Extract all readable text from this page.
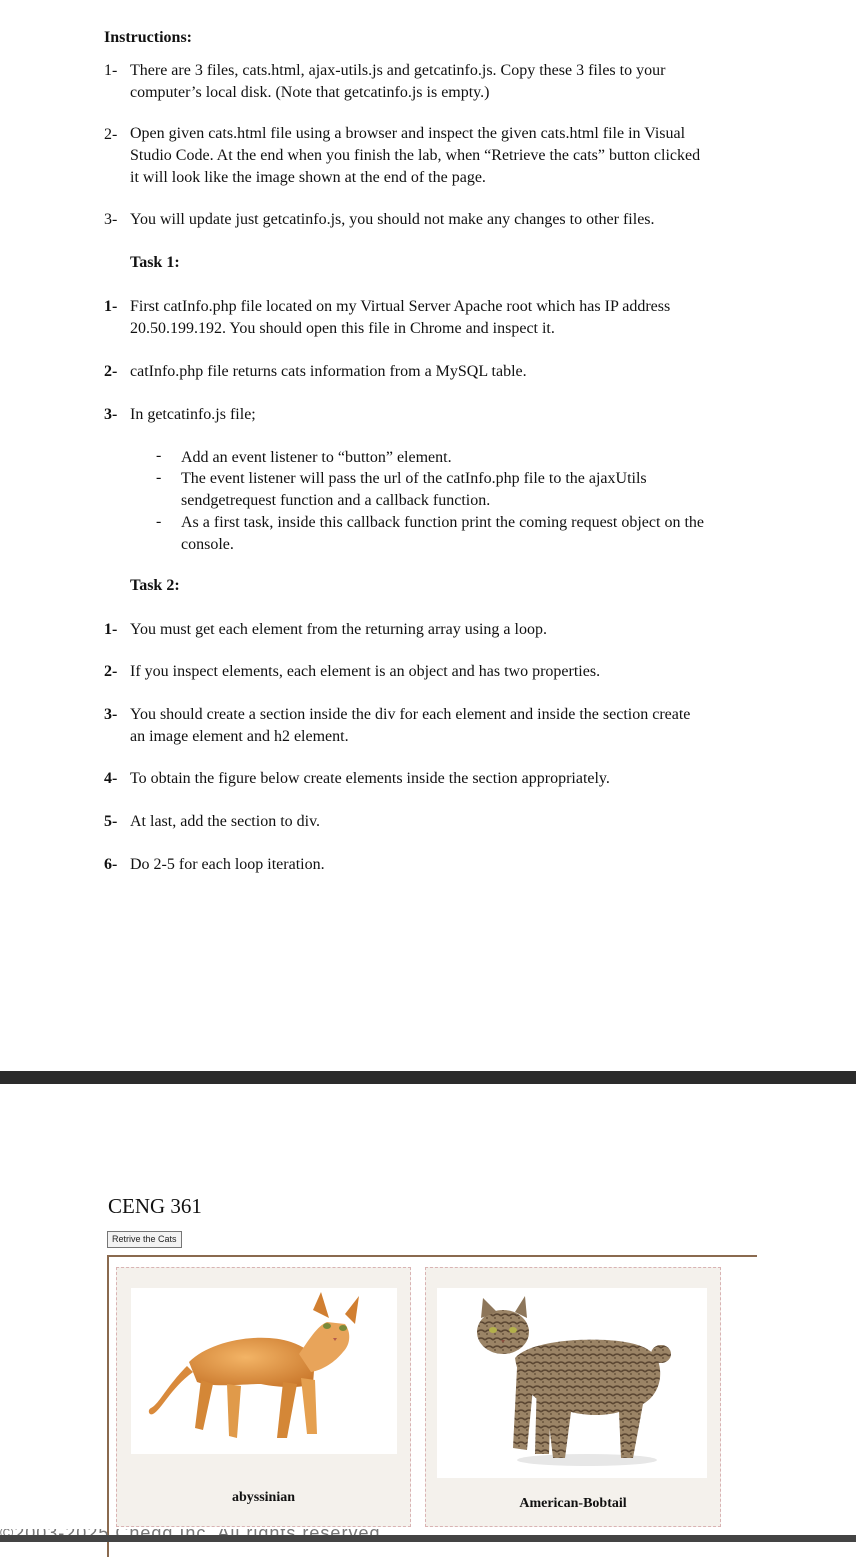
Instructions:
1- There are 3 files, cats.html, ajax-utils.js and getcatinfo.js. Copy these 3 files to your
computer’s local disk. (Note that getcatinfo.js is empty.)
2- Open given cats.html file using a browser and inspect the given cats.html file in Visual
Studio Code. At the end when you finish the lab, when “Retrieve the cats” button clicked
it will look like the image shown at the end of the page.
3- You will update just getcatinfo.js, you should not make any changes to other files.
Task 1:
1- First catInfo.php file located on my Virtual Server Apache root which has IP address
20.50.199.192. You should open this file in Chrome and inspect it.
2- catInfo.php file returns cats information from a MySQL table.
3- In getcatinfo.js file;
- Add an event listener to “button” element.
- The event listener will pass the url of the catInfo.php file to the ajaxUtils
sendgetrequest function and a callback function.
- As a first task, inside this callback function print the coming request object on the
console.
Task 2:
1- You must get each element from the returning array using a loop.
2- If you inspect elements, each element is an object and has two properties.
3- You should create a section inside the div for each element and inside the section create
an image element and h2 element.
4- To obtain the figure below create elements inside the section appropriately.
5- At last, add the section to div.
6- Do 2-5 for each loop iteration.
CENG 361
Retrive the Cats
abyssinian	American-Bobtail
